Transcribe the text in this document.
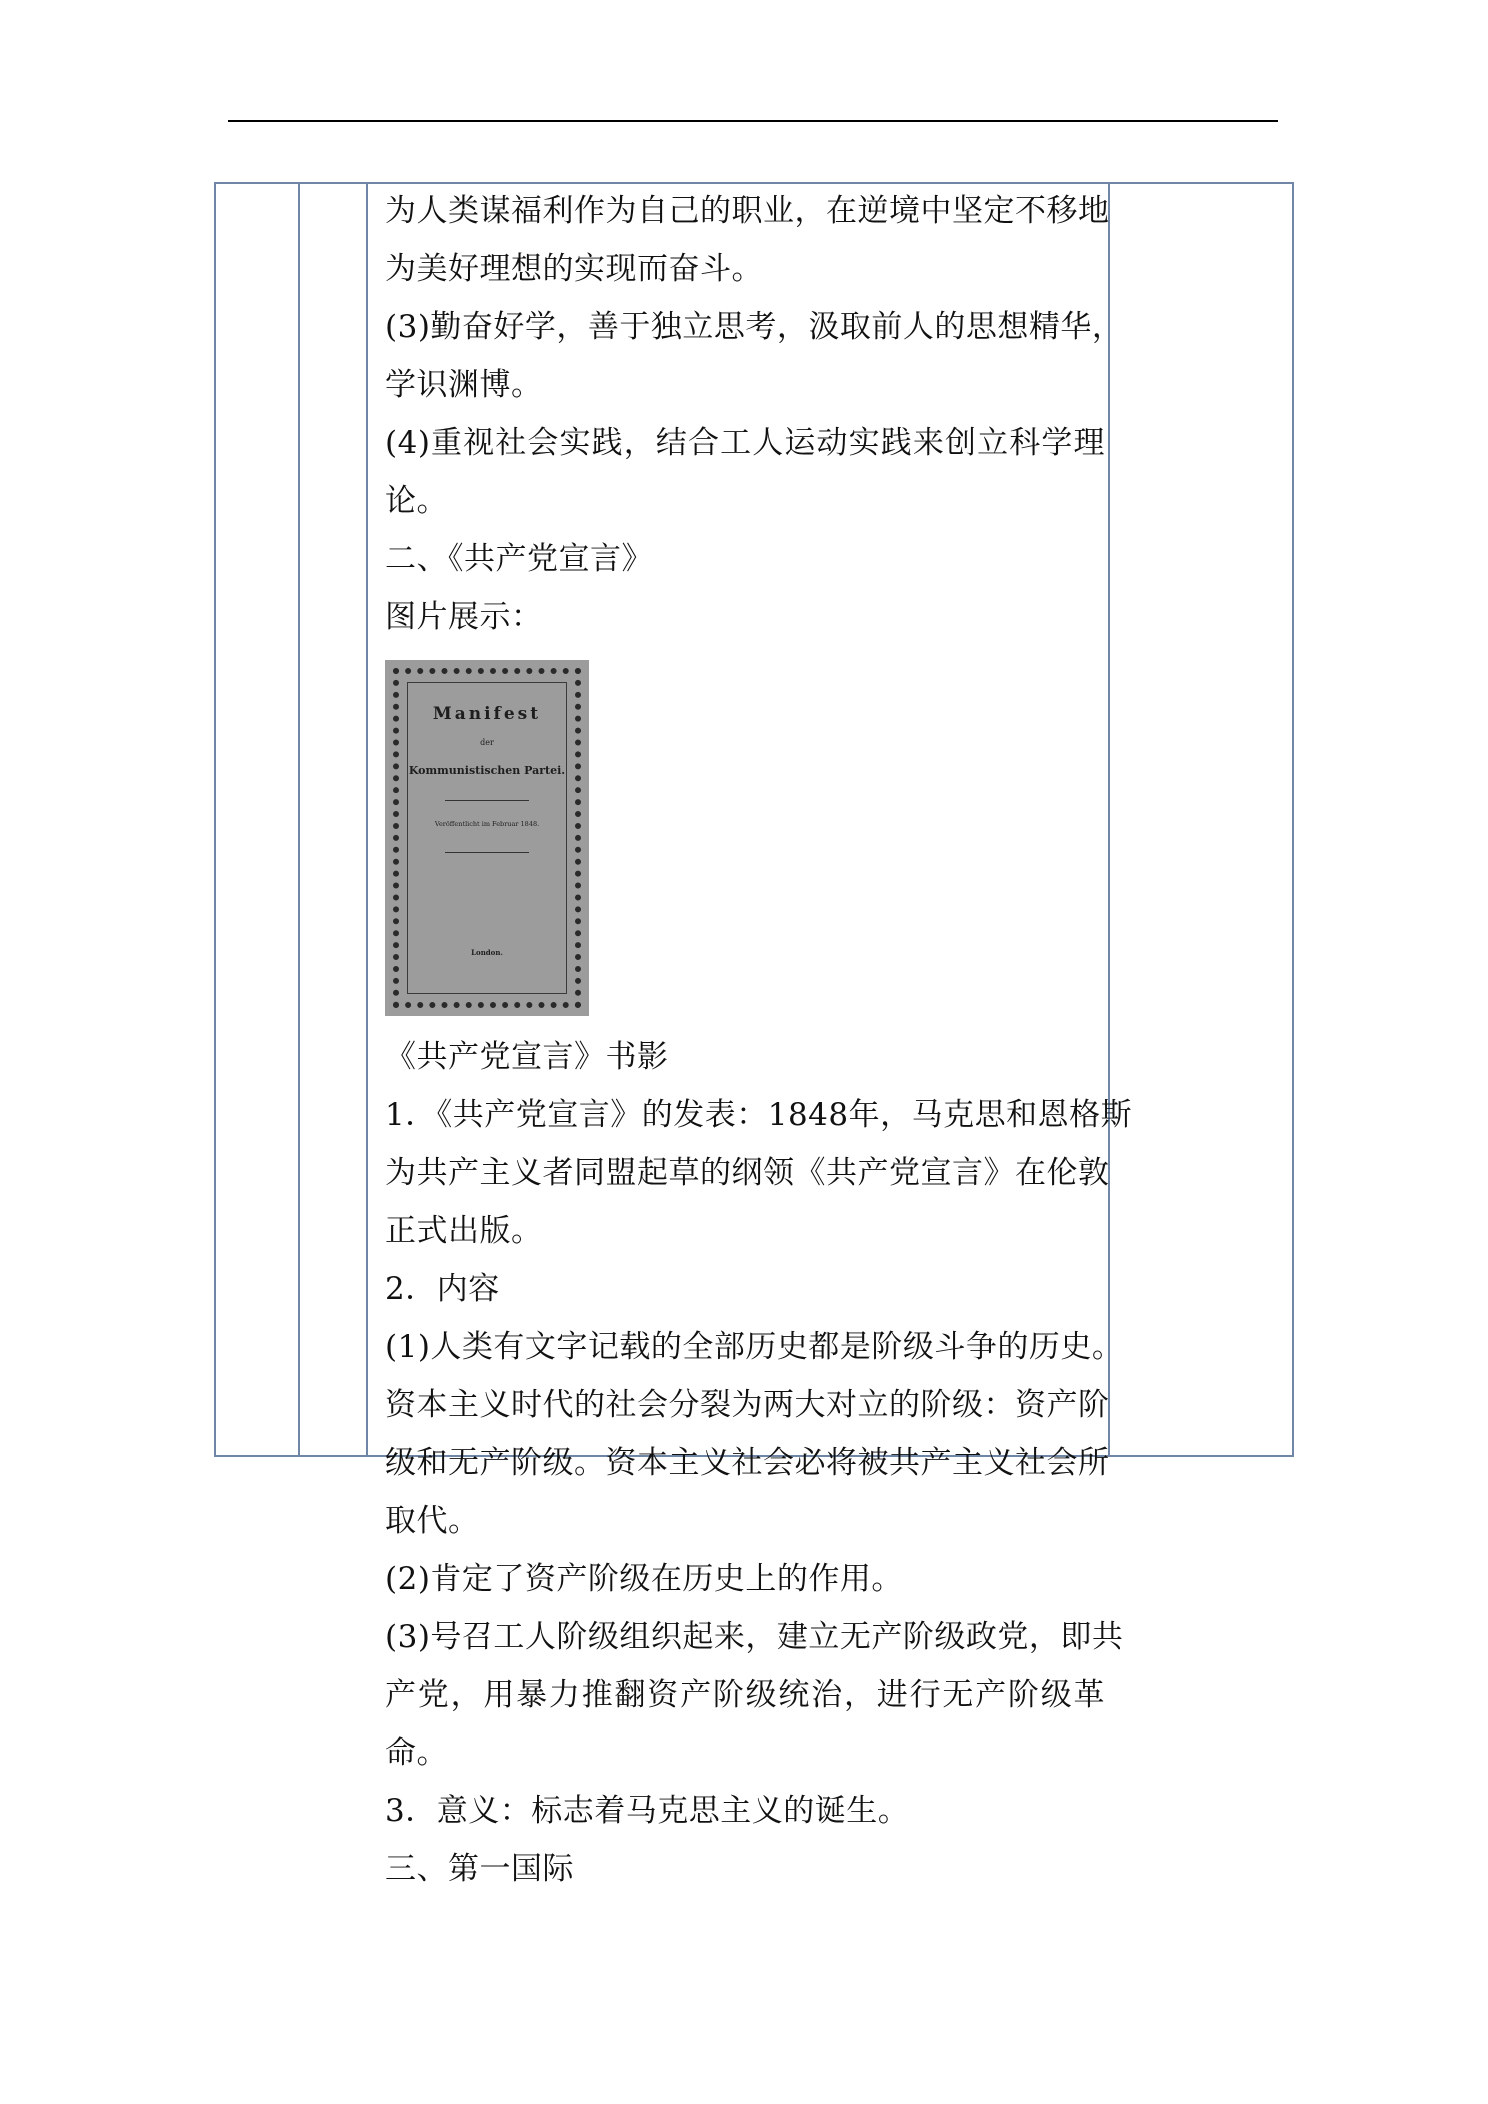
为人类谋福利作为自己的职业，在逆境中坚定不移地
为美好理想的实现而奋斗。
(3)勤奋好学，善于独立思考，汲取前人的思想精华，
学识渊博。
(4)重视社会实践，结合工人运动实践来创立科学理
论。
二、《共产党宣言》
图片展示：
Manifest
der
Kommunistischen Partei.
Veröffentlicht im Februar 1848.
London.
《共产党宣言》书影
1．《共产党宣言》的发表：1848年，马克思和恩格斯
为共产主义者同盟起草的纲领《共产党宣言》在伦敦
正式出版。
2．内容
(1)人类有文字记载的全部历史都是阶级斗争的历史。
资本主义时代的社会分裂为两大对立的阶级：资产阶
级和无产阶级。资本主义社会必将被共产主义社会所
取代。
(2)肯定了资产阶级在历史上的作用。
(3)号召工人阶级组织起来，建立无产阶级政党，即共
产党，用暴力推翻资产阶级统治，进行无产阶级革
命。
3．意义：标志着马克思主义的诞生。
三、第一国际
